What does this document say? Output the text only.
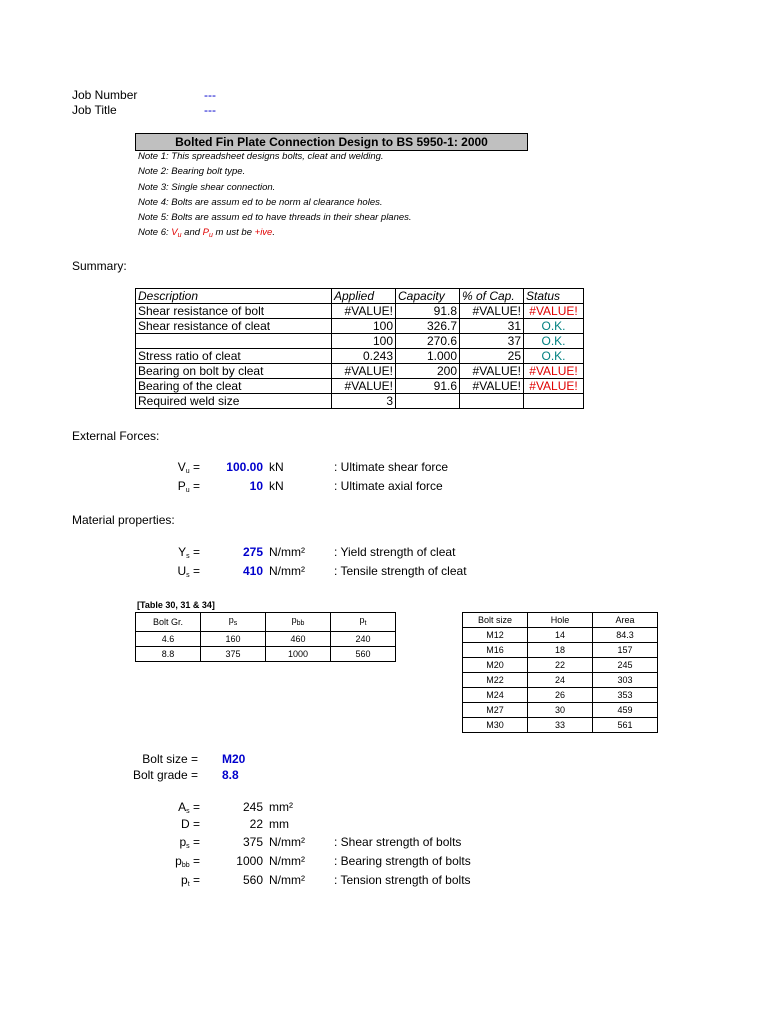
Job Number	---
Job Title	---
Bolted Fin Plate Connection Design to BS 5950-1: 2000
Note 1: This spreadsheet designs bolts, cleat and welding.
Note 2: Bearing bolt type.
Note 3: Single shear connection.
Note 4: Bolts are assum ed to be norm al clearance holes.
Note 5: Bolts are assum ed to have threads in their shear planes.
Note 6: $V_u$ and $P_u$ m ust be +ive.
Summary:
Description	Applied	Capacity	% of Cap.	Status
Shear resistance of bolt	#VALUE!	91.8	#VALUE!	#VALUE!
Shear resistance of cleat	100	326.7	31	O.K.
	100	270.6	37	O.K.
Stress ratio of cleat	0.243	1.000	25	O.K.
Bearing on bolt by cleat	#VALUE!	200	#VALUE!	#VALUE!
Bearing of the cleat	#VALUE!	91.6	#VALUE!	#VALUE!
Required weld size	3			
External Forces:
$V_u$ =	100.00 kN	: Ultimate shear force
$P_u$ =	10 kN	: Ultimate axial force
Material properties:
$Y_s$ =	275 N/mm² : Yield strength of cleat
$U_s$ =	410 N/mm² : Tensile strength of cleat
[Table 30, 31 & 34]
Bolt Gr.	$p_s$	$p_{bb}$	$p_t$
4.6	160	460	240
8.8	375	1000	560
Bolt size	Hole	Area
M12	14	84.3
M16	18	157
M20	22	245
M22	24	303
M24	26	353
M27	30	459
M30	33	561
Bolt size = M20
Bolt grade = 8.8
$A_s$ =	245 mm²
D =	22 mm
$p_s$ =	375 N/mm² : Shear strength of bolts
$p_{bb}$ =	1000 N/mm² : Bearing strength of bolts
$p_t$ =	560 N/mm² : Tension strength of bolts
